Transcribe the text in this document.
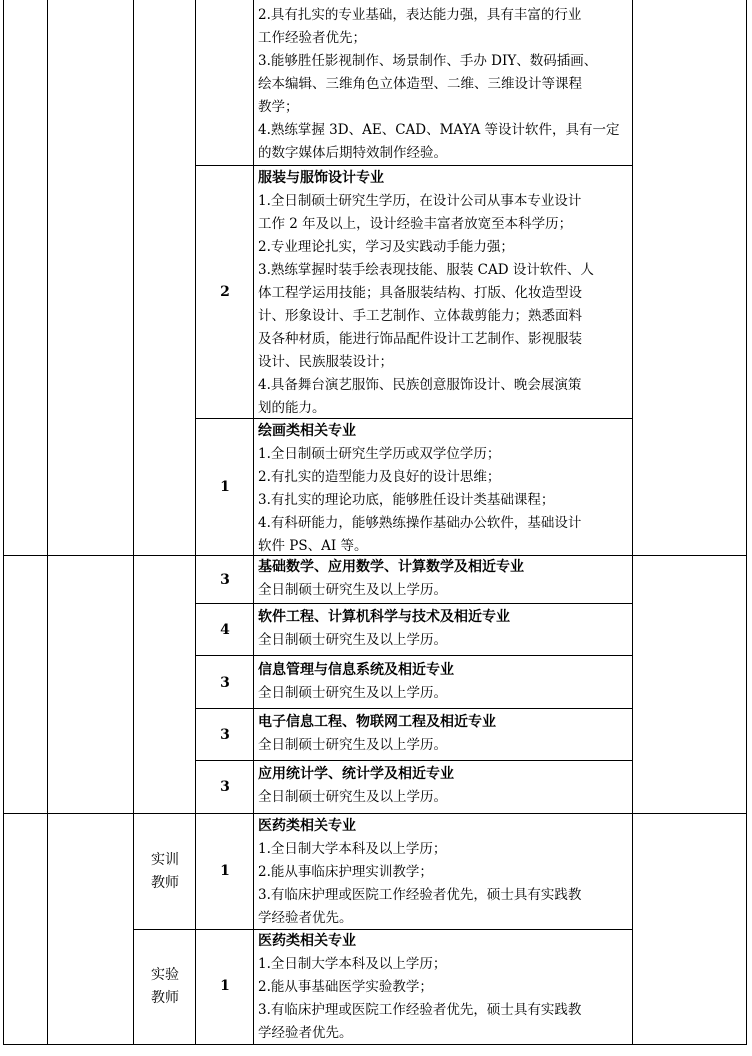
2.具有扎实的专业基础，表达能力强，具有丰富的行业
工作经验者优先；
3.能够胜任影视制作、场景制作、手办 DIY、数码插画、
绘本编辑、三维角色立体造型、二维、三维设计等课程
教学；
4.熟练掌握 3D、AE、CAD、MAYA 等设计软件，具有一定
的数字媒体后期特效制作经验。
2
服装与服饰设计专业
1.全日制硕士研究生学历，在设计公司从事本专业设计
工作 2 年及以上，设计经验丰富者放宽至本科学历；
2.专业理论扎实，学习及实践动手能力强；
3.熟练掌握时装手绘表现技能、服装 CAD 设计软件、人
体工程学运用技能；具备服装结构、打版、化妆造型设
计、形象设计、手工艺制作、立体裁剪能力；熟悉面料
及各种材质，能进行饰品配件设计工艺制作、影视服装
设计、民族服装设计；
4.具备舞台演艺服饰、民族创意服饰设计、晚会展演策
划的能力。
1
绘画类相关专业
1.全日制硕士研究生学历或双学位学历；
2.有扎实的造型能力及良好的设计思维；
3.有扎实的理论功底，能够胜任设计类基础课程；
4.有科研能力，能够熟练操作基础办公软件，基础设计
软件 PS、AI 等。
3
基础数学、应用数学、计算数学及相近专业
全日制硕士研究生及以上学历。
4
软件工程、计算机科学与技术及相近专业
全日制硕士研究生及以上学历。
3
信息管理与信息系统及相近专业
全日制硕士研究生及以上学历。
3
电子信息工程、物联网工程及相近专业
全日制硕士研究生及以上学历。
3
应用统计学、统计学及相近专业
全日制硕士研究生及以上学历。
实训
教师
1
医药类相关专业
1.全日制大学本科及以上学历；
2.能从事临床护理实训教学；
3.有临床护理或医院工作经验者优先，硕士具有实践教
学经验者优先。
实验
教师
1
医药类相关专业
1.全日制大学本科及以上学历；
2.能从事基础医学实验教学；
3.有临床护理或医院工作经验者优先，硕士具有实践教
学经验者优先。
